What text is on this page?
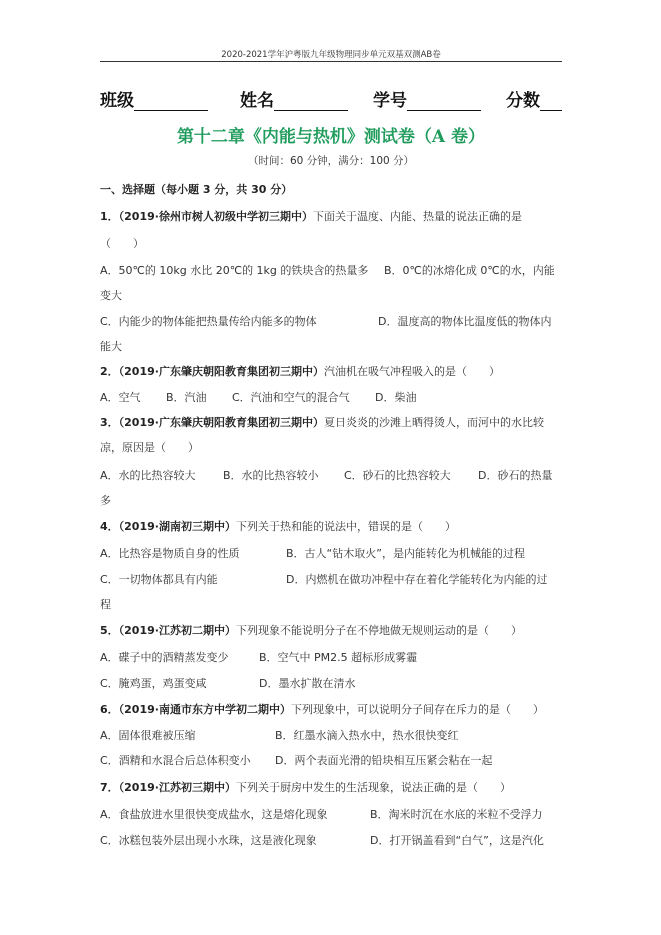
2020-2021学年沪粤版九年级物理同步单元双基双测AB卷
班级	姓名	学号	分数
第十二章《内能与热机》测试卷（A 卷）
（时间：60 分钟，满分：100 分）
一、选择题（每小题 3 分，共 30 分）
1．（2019·徐州市树人初级中学初三期中）下面关于温度、内能、热量的说法正确的是
（　　）
A．50℃的 10kg 水比 20℃的 1kg 的铁块含的热量多 B．0℃的冰熔化成 0℃的水，内能
变大
C．内能少的物体能把热量传给内能多的物体	D．温度高的物体比温度低的物体内
能大
2．（2019·广东肇庆朝阳教育集团初三期中）汽油机在吸气冲程吸入的是（　　）
A．空气 B．汽油 C．汽油和空气的混合气 D．柴油
3．（2019·广东肇庆朝阳教育集团初三期中）夏日炎炎的沙滩上晒得烫人，而河中的水比较
凉，原因是（　　）
A．水的比热容较大 B．水的比热容较小 C．砂石的比热容较大 D．砂石的热量
多
4．（2019·湖南初三期中）下列关于热和能的说法中，错误的是（　　）
A．比热容是物质自身的性质	B．古人“钻木取火”，是内能转化为机械能的过程
C．一切物体都具有内能	D．内燃机在做功冲程中存在着化学能转化为内能的过
程
5．（2019·江苏初二期中）下列现象不能说明分子在不停地做无规则运动的是（　　）
A．碟子中的酒精蒸发变少	B．空气中 PM2.5 超标形成雾霾
C．腌鸡蛋，鸡蛋变咸	D．墨水扩散在清水
6．（2019·南通市东方中学初二期中）下列现象中，可以说明分子间存在斥力的是（　　）
A．固体很难被压缩	B．红墨水滴入热水中，热水很快变红
C．酒精和水混合后总体积变小 D．两个表面光滑的铅块相互压紧会粘在一起
7．（2019·江苏初三期中）下列关于厨房中发生的生活现象，说法正确的是（　　）
A．食盐放进水里很快变成盐水，这是熔化现象	B．淘米时沉在水底的米粒不受浮力
C．冰糕包装外层出现小水珠，这是液化现象	D．打开锅盖看到“白气”，这是汽化
